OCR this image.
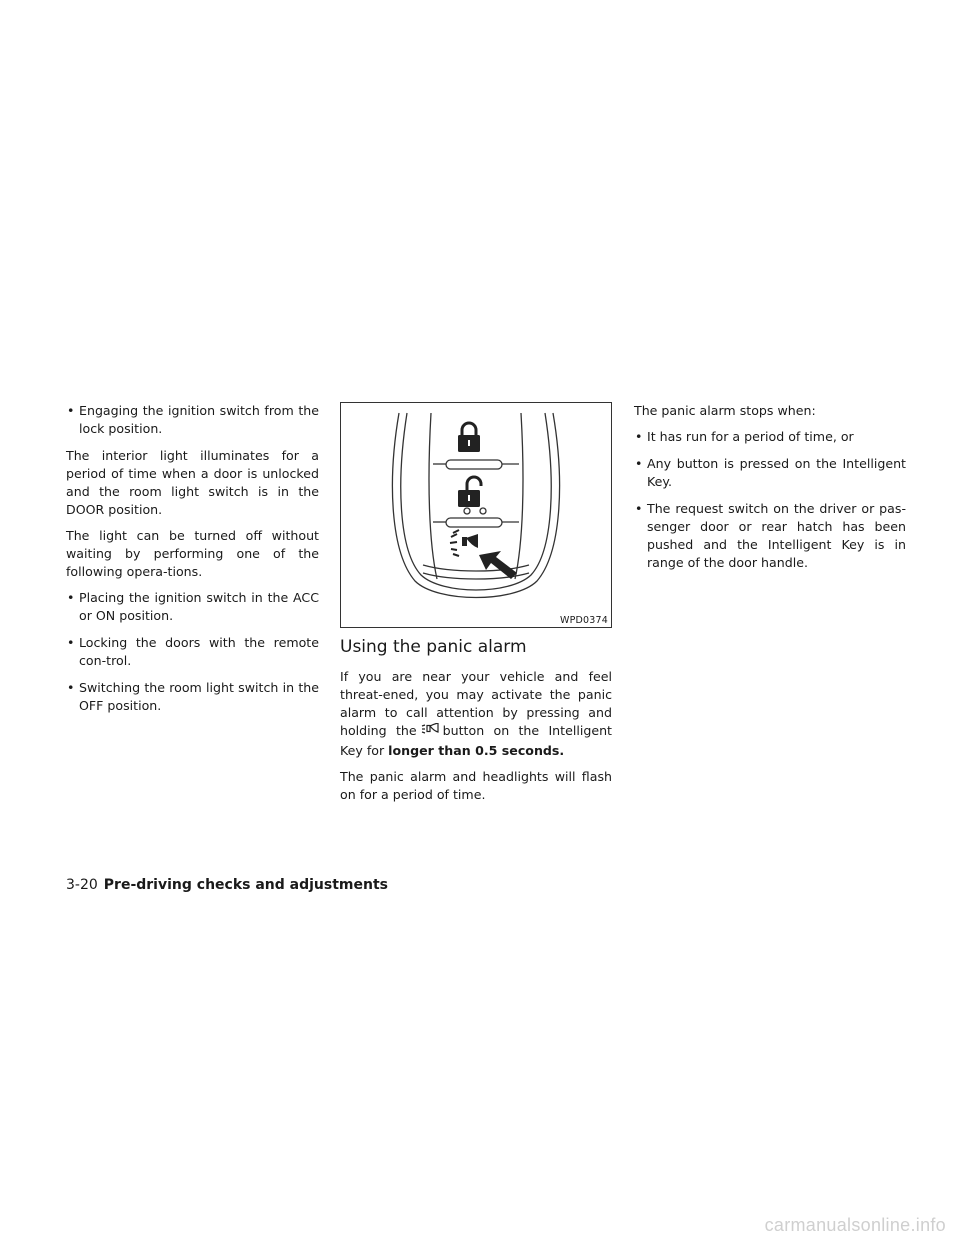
• Engaging the ignition switch from the lock position.

The interior light illuminates for a period of time when a door is unlocked and the room light switch is in the DOOR position.

The light can be turned off without waiting by performing one of the following opera-tions.

• Placing the ignition switch in the ACC or ON position.
• Locking the doors with the remote con-trol.
• Switching the room light switch in the OFF position.
WPD0374
Using the panic alarm

If you are near your vehicle and feel threat-ened, you may activate the panic alarm to call attention by pressing and holding the button on the Intelligent Key for longer than 0.5 seconds.

The panic alarm and headlights will flash on for a period of time.

The panic alarm stops when:

• It has run for a period of time, or
• Any button is pressed on the Intelligent Key.
• The request switch on the driver or pas-senger door or rear hatch has been pushed and the Intelligent Key is in range of the door handle.
3-20 Pre-driving checks and adjustments
carmanualsonline.info
